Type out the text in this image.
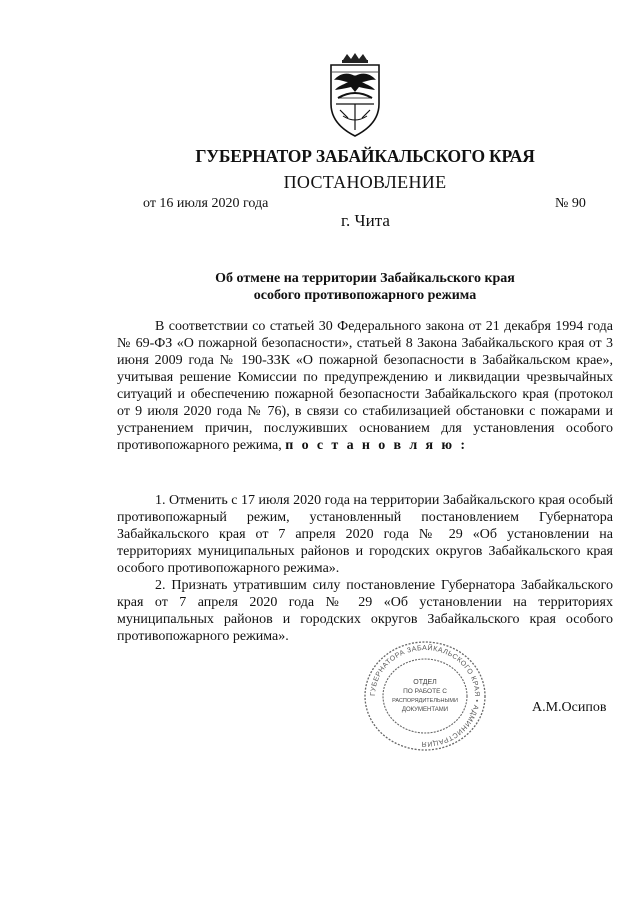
ГУБЕРНАТОР ЗАБАЙКАЛЬСКОГО КРАЯ
ПОСТАНОВЛЕНИЕ
от 16 июля 2020 года	№ 90
г. Чита
Об отмене на территории Забайкальского края
особого противопожарного режима

В соответствии со статьей 30 Федерального закона от 21 декабря 1994 года № 69-ФЗ «О пожарной безопасности», статьей 8 Закона Забайкальского края от 3 июня 2009 года № 190-ЗЗК «О пожарной безопасности в Забайкальском крае», учитывая решение Комиссии по предупреждению и ликвидации чрезвычайных ситуаций и обеспечению пожарной безопасности Забайкальского края (протокол от 9 июля 2020 года № 76), в связи со стабилизацией обстановки с пожарами и устранением причин, послуживших основанием для установления особого противопожарного режима, п о с т а н о в л я ю :

1. Отменить с 17 июля 2020 года на территории Забайкальского края особый противопожарный режим, установленный постановлением Губернатора Забайкальского края от 7 апреля 2020 года № 29 «Об установлении на территориях муниципальных районов и городских округов Забайкальского края особого противопожарного режима».

2. Признать утратившим силу постановление Губернатора Забайкальского края от 7 апреля 2020 года № 29 «Об установлении на территориях муниципальных районов и городских округов Забайкальского края особого противопожарного режима».

ГУБЕРНАТОРА ЗАБАЙКАЛЬСКОГО КРАЯ • АДМИНИСТРАЦИЯ
ОТДЕЛ
ПО РАБОТЕ С
РАСПОРЯДИТЕЛЬНЫМИ
ДОКУМЕНТАМИ	А.М.Осипов
